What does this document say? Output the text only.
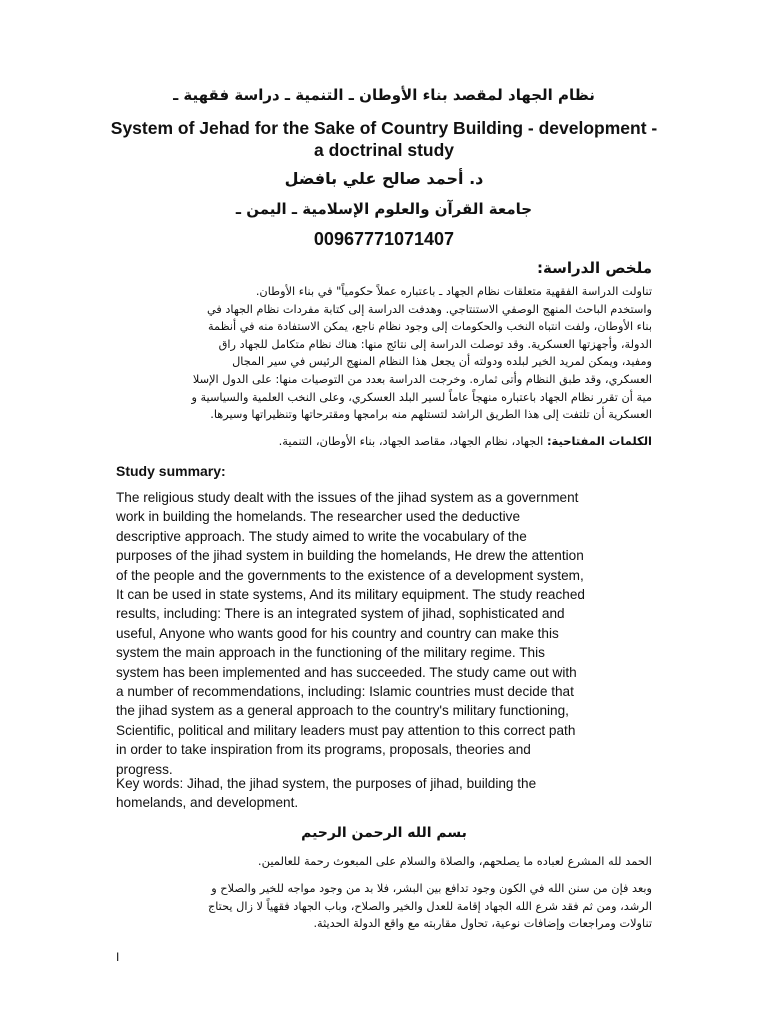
نظام الجهاد لمقصد بناء الأوطان ـ التنمية ـ دراسة فقهية ـ
System of Jehad for the Sake of Country Building - development -
a doctrinal study
د. أحمد صالح علي بافضل
جامعة القرآن والعلوم الإسلامية ـ اليمن ـ
00967771071407
ملخص الدراسة:
تناولت الدراسة الفقهية متعلقات نظام الجهاد ـ باعتباره عملاً حكومياً" في بناء الأوطان.
واستخدم الباحث المنهج الوصفي الاستنتاجي. وهدفت الدراسة إلى كتابة مفردات نظام الجهاد في
بناء الأوطان، ولفت انتباه النخب والحكومات إلى وجود نظام ناجع، يمكن الاستفادة منه في أنظمة
الدولة، وأجهزتها العسكرية. وقد توصلت الدراسة إلى نتائج منها: هناك نظام متكامل للجهاد راق
ومفيد، ويمكن لمريد الخير لبلده ودولته أن يجعل هذا النظام المنهج الرئيس في سير المجال
العسكري، وقد طبق النظام وأتى ثماره. وخرجت الدراسة بعدد من التوصيات منها: على الدول الإسلا
مية أن تقرر نظام الجهاد باعتباره منهجاً عاماً لسير البلد العسكري، وعلى النخب العلمية والسياسية و
العسكرية أن تلتفت إلى هذا الطريق الراشد لتستلهم منه برامجها ومقترحاتها وتنظيراتها وسيرها.
الكلمات المفتاحية: الجهاد، نظام الجهاد، مقاصد الجهاد، بناء الأوطان، التنمية.
Study summary:
The religious study dealt with the issues of the jihad system as a government
work in building the homelands. The researcher used the deductive
descriptive approach. The study aimed to write the vocabulary of the
purposes of the jihad system in building the homelands, He drew the attention
of the people and the governments to the existence of a development system,
It can be used in state systems, And its military equipment. The study reached
results, including: There is an integrated system of jihad, sophisticated and
useful, Anyone who wants good for his country and country can make this
system the main approach in the functioning of the military regime. This
system has been implemented and has succeeded. The study came out with
a number of recommendations, including: Islamic countries must decide that
the jihad system as a general approach to the country's military functioning,
Scientific, political and military leaders must pay attention to this correct path
in order to take inspiration from its programs, proposals, theories and
progress.
Key words: Jihad, the jihad system, the purposes of jihad, building the
homelands, and development.
بسم الله الرحمن الرحيم
الحمد لله المشرع لعباده ما يصلحهم، والصلاة والسلام على المبعوث رحمة للعالمين.
وبعد فإن من سنن الله في الكون وجود تدافع بين البشر، فلا بد من وجود مواجه للخير والصلاح و
الرشد، ومن ثم فقد شرع الله الجهاد إقامة للعدل والخير والصلاح، وباب الجهاد فقهياً لا زال يحتاج
تناولات ومراجعات وإضافات نوعية، تحاول مقاربته مع واقع الدولة الحديثة.
I
